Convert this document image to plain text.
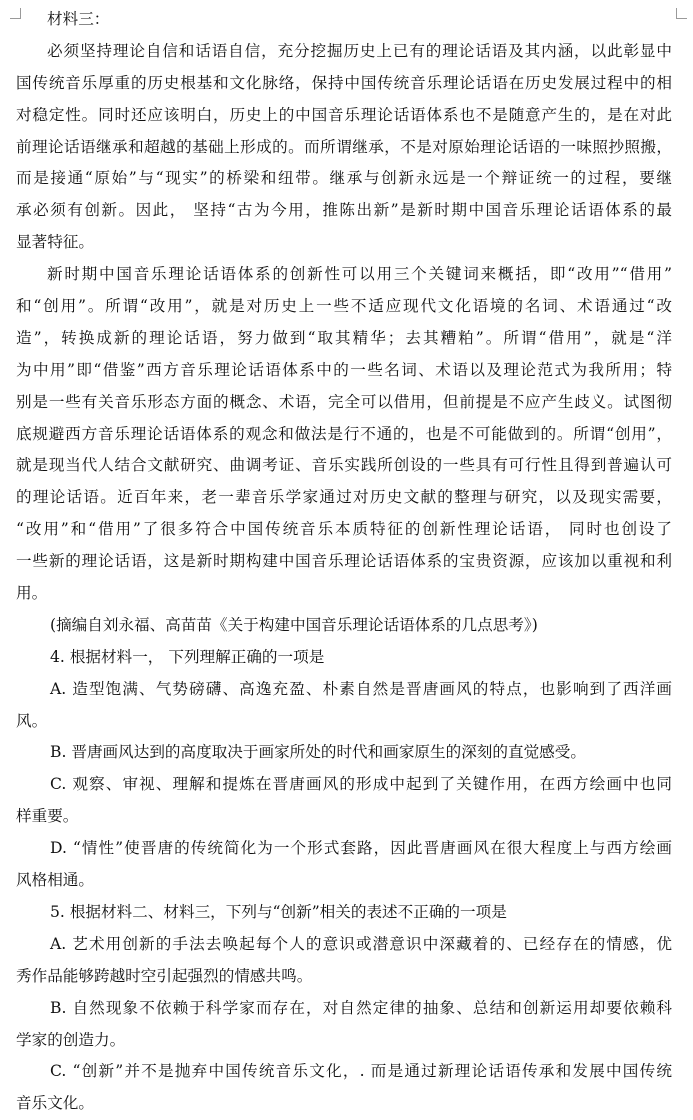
材料三：
必须坚持理论自信和话语自信，充分挖掘历史上已有的理论话语及其内涵，以此彰显中
国传统音乐厚重的历史根基和文化脉络，保持中国传统音乐理论话语在历史发展过程中的相
对稳定性。同时还应该明白，历史上的中国音乐理论话语体系也不是随意产生的，是在对此
前理论话语继承和超越的基础上形成的。而所谓继承，不是对原始理论话语的一味照抄照搬，
而是接通“原始”与“现实”的桥梁和纽带。继承与创新永远是一个辩证统一的过程，要继
承必须有创新。因此， 坚持“古为今用，推陈出新”是新时期中国音乐理论话语体系的最
显著特征。
新时期中国音乐理论话语体系的创新性可以用三个关键词来概括，即“改用”“借用”
和“创用”。所谓“改用”，就是对历史上一些不适应现代文化语境的名词、术语通过“改
造”，转换成新的理论话语，努力做到“取其精华；去其糟粕”。所谓“借用”，就是“洋
为中用”即“借鉴”西方音乐理论话语体系中的一些名词、术语以及理论范式为我所用；特
别是一些有关音乐形态方面的概念、术语，完全可以借用，但前提是不应产生歧义。试图彻
底规避西方音乐理论话语体系的观念和做法是行不通的，也是不可能做到的。所谓“创用”，
就是现当代人结合文献研究、曲调考证、音乐实践所创设的一些具有可行性且得到普遍认可
的理论话语。近百年来，老一辈音乐学家通过对历史文献的整理与研究，以及现实需要，
“改用”和“借用”了很多符合中国传统音乐本质特征的创新性理论话语， 同时也创设了
一些新的理论话语，这是新时期构建中国音乐理论话语体系的宝贵资源，应该加以重视和利
用。
(摘编自刘永福、高苗苗《关于构建中国音乐理论话语体系的几点思考》)
4. 根据材料一， 下列理解正确的一项是
A. 造型饱满、气势磅礴、高逸充盈、朴素自然是晋唐画风的特点，也影响到了西洋画
风。
B. 晋唐画风达到的高度取决于画家所处的时代和画家原生的深刻的直觉感受。
C. 观察、审视、理解和提炼在晋唐画风的形成中起到了关键作用，在西方绘画中也同
样重要。
D. “情性”使晋唐的传统简化为一个形式套路，因此晋唐画风在很大程度上与西方绘画
风格相通。
5. 根据材料二、材料三，下列与“创新”相关的表述不正确的一项是
A. 艺术用创新的手法去唤起每个人的意识或潜意识中深藏着的、已经存在的情感，优
秀作品能够跨越时空引起强烈的情感共鸣。
B. 自然现象不依赖于科学家而存在，对自然定律的抽象、总结和创新运用却要依赖科
学家的创造力。
C. “创新”并不是抛弃中国传统音乐文化，. 而是通过新理论话语传承和发展中国传统
音乐文化。
